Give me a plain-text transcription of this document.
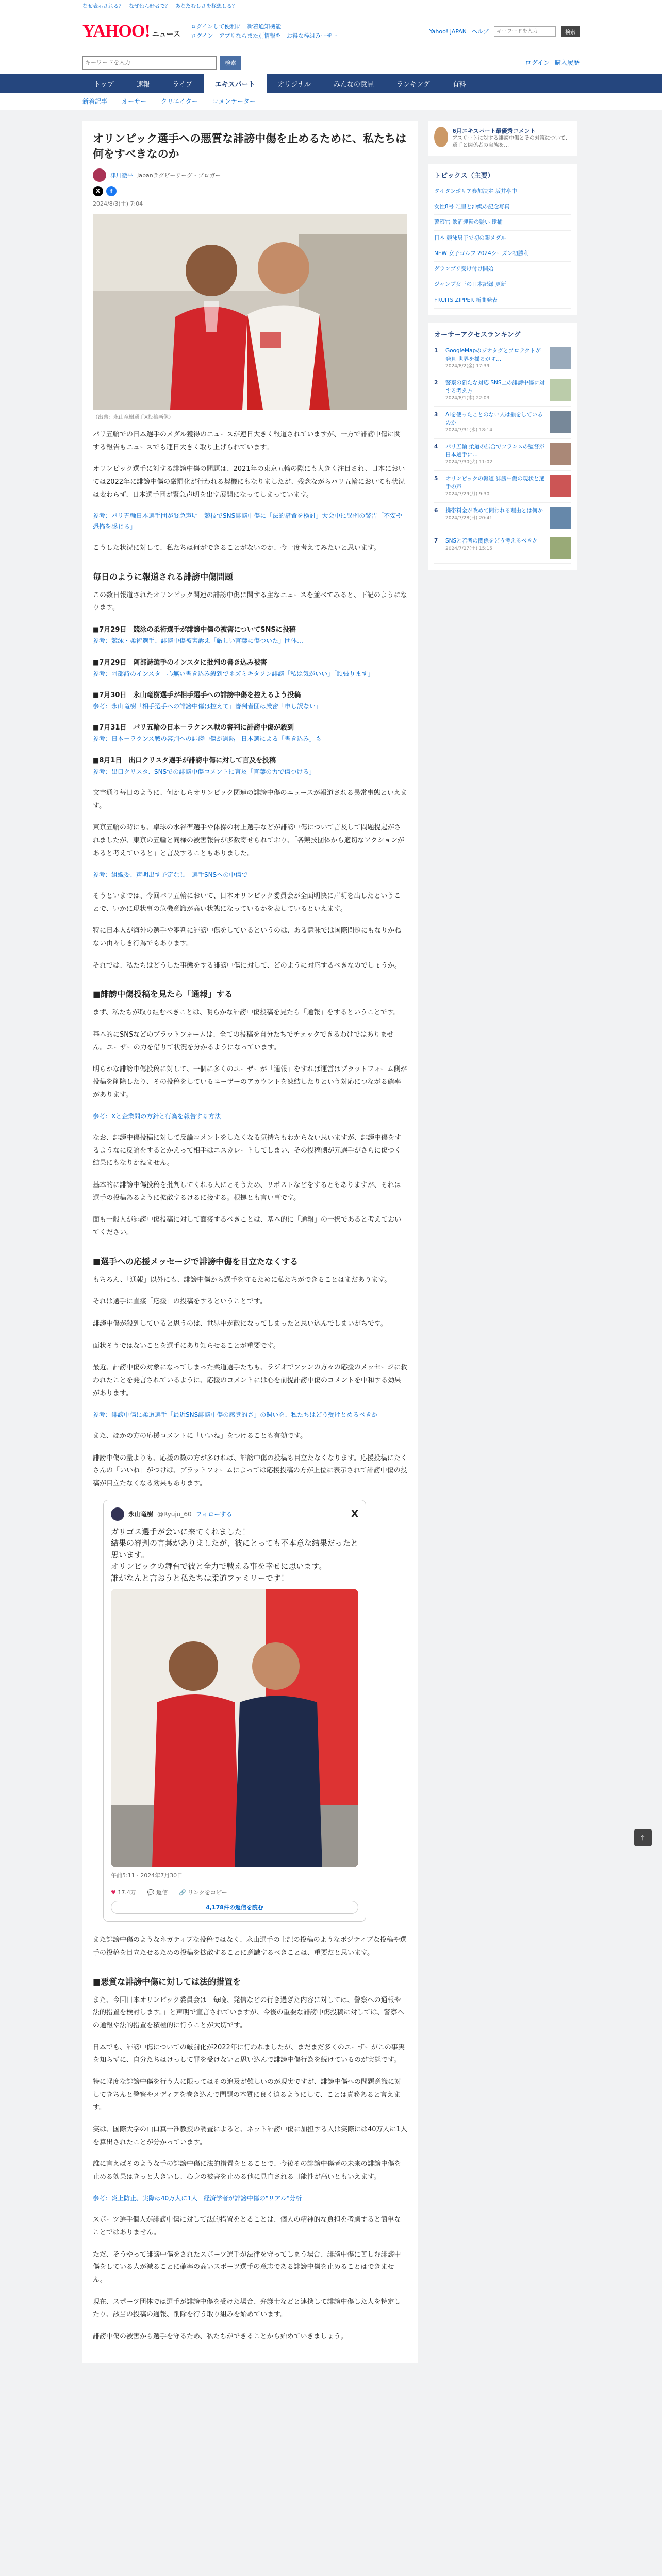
なぜ表示される？ なぜ色ん好者で？ あなたむしさを探想しる？
YAHOO! ニュース
ログインして便利に　 新着通知機能
ログイン　 アプリならまた別情報を　 お得な枠組みーザー
Yahoo! JAPAN ヘルプ
キーワードを入力	検索
キーワードを入力
検索	ログイン 購入履歴
トップ	速報	ライブ	エキスパート	オリジナル	みんなの意見	ランキング	有料
新着記事 オーサー クリエイター コメンテーター
オリンピック選手への悪質な誹謗中傷を止めるために、私たちは何をすべきなのか
津川徹平 Japanラグビーリーグ・ブロガー
X	f
2024/8/3(土) 7:04
（出典：永山竜樹選手X投稿画像）

パリ五輪での日本選手のメダル獲得のニュースが連日大きく報道されていますが、一方で誹謗中傷に関する報告もニュースでも連日大きく取り上げられています。

オリンピック選手に対する誹謗中傷の問題は、2021年の東京五輪の際にも大きく注目され、日本においては2022年に誹謗中傷の厳罰化が行われる契機にもなりましたが、残念ながらパリ五輪においても状況は変わらず、日本選手団が緊急声明を出す展開になってしまっています。

参考：パリ五輪日本選手団が緊急声明　競技でSNS誹謗中傷に「法的措置を検討」大会中に異例の警告「不安や恐怖を感じる」

こうした状況に対して、私たちは何ができることがないのか、今一度考えてみたいと思います。

毎日のように報道される誹謗中傷問題

この数日報道されたオリンピック関連の誹謗中傷に関する主なニュースを並べてみると、下記のようになります。

■7月29日　競泳の柔術選手が誹謗中傷の被害についてSNSに投稿
参考：競泳・柔術選手、誹謗中傷被害訴え「厳しい言葉に傷ついた」団体…
■7月29日　阿部詩選手のインスタに批判の書き込み被害
参考：阿部詩のインスタ　心無い書き込み殺到でネズミキタソン誹謗「私は気がいい」「頑張ります」
■7月30日　永山竜樹選手が相手選手への誹謗中傷を控えるよう投稿
参考：永山竜樹「相手選手への誹謗中傷は控えて」審判者団は厳密「申し訳ない」
■7月31日　パリ五輪の日本－ラクンス戦の審判に誹謗中傷が殺到
参考：日本－ラクンス戦の審判への誹謗中傷が過熱　日本選による「書き込み」も
■8月1日　出口クリスタ選手が誹謗中傷に対して言及を投稿
参考：出口クリスタ、SNSでの誹謗中傷コメントに言及「言葉の力で傷つける」

文字通り毎日のように、何かしらオリンピック関連の誹謗中傷のニュースが報道される異常事態といえます。

東京五輪の時にも、卓球の水谷準選手や体操の村上選手などが誹謗中傷について言及して問題提起がされましたが、東京の五輪と同様の被害報告が多数寄せられており、「各競技団体から適切なアクションがあると考えていると」と言及することもありました。

参考：組織委、声明出す予定なし―選手SNSへの中傷で

そうといまでは、今回パリ五輪において、日本オリンピック委員会が全面明快に声明を出したということで、いかに現状事の危機意識が高い状態になっているかを表しているといえます。

特に日本人が海外の選手や審判に誹謗中傷をしているというのは、ある意味では国際問題にもなりかねない由々しき行為でもあります。

それでは、私たちはどうした事態をする誹謗中傷に対して、どのように対応するべきなのでしょうか。

■誹謗中傷投稿を見たら「通報」する

まず、私たちが取り組むべきことは、明らかな誹謗中傷投稿を見たら「通報」をするということです。

基本的にSNSなどのプラットフォームは、全ての投稿を自分たちでチェックできるわけではありません。ユーザーの力を借りて状況を分かるようになっています。

明らかな誹謗中傷投稿に対して、一個に多くのユーザーが「通報」をすれば運営はプラットフォーム側が投稿を削除したり、その投稿をしているユーザーのアカウントを凍結したりという対応につながる確率があります。

参考：Xと企業間の方針と行為を報告する方法

なお、誹謗中傷投稿に対して反論コメントをしたくなる気持ちもわからない思いますが、誹謗中傷をするようなに反論をするとかえって相手はエスカレートしてしまい、その投稿側が元選手がさらに傷つく結果にもなりかねません。

基本的に誹謗中傷投稿を批判してくれる人にとそうため、リポストなどをするともありますが、それは選手の投稿あるように拡散するけるに接する。根拠とも言い事です。

面も一般人が誹謗中傷投稿に対して面接するべきことは、基本的に「通報」の一択であると考えておいてください。

■選手への応援メッセージで誹謗中傷を目立たなくする

もちろん、「通報」以外にも、誹謗中傷から選手を守るために私たちができることはまだあります。

それは選手に直接「応援」の投稿をするということです。

誹謗中傷が殺到していると思うのは、世界中が敵になってしまったと思い込んでしまいがちです。

面状そうではないことを選手にあり知らせることが重要です。

最近、誹謗中傷の対象になってしまった柔道選手たちも、ラジオでファンの方々の応援のメッセージに救われたことを発言されているように、応援のコメントには心を前提誹謗中傷のコメントを中和する効果があります。

参考：誹謗中傷に柔道選手「最近SNS誹謗中傷の感覚的さ」の飼いを、私たちはどう受けとめるべきか

また、ほかの方の応援コメントに「いいね」をつけることも有効です。

誹謗中傷の量よりも、応援の数の方が多ければ、誹謗中傷の投稿も目立たなくなります。応援投稿にたくさんの「いいね」がつけば、プラットフォームによっては応援投稿の方が上位に表示されて誹謗中傷の投稿が目立たなくなる効果もあります。

永山竜樹 @Ryuju_60 フォローする	X
ガリゴス選手が会いに来てくれました！
結果の審判の言葉がありましたが、彼にとっても不本意な結果だったと思います。
オリンピックの舞台で彼と全力で戦える事を幸せに思います。
誰がなんと言おうと私たちは柔道ファミリーです！
午前5:11 · 2024年7月30日
♥ 17.4万 💬 返信 🔗 リンクをコピー
4,178件の返信を読む

また誹謗中傷のようなネガティブな投稿ではなく、永山選手の上記の投稿のようなポジティブな投稿や選手の投稿を目立たせるための投稿を拡散することに意識するべきことは、重要だと思います。

■悪質な誹謗中傷に対しては法的措置を

また、今回日本オリンピック委員会は「毎晩、発信などの行き過ぎた内容に対しては、警察への通報や法的措置を検討します。」と声明で宣言されていますが、今後の重要な誹謗中傷投稿に対しては、警察への通報や法的措置を積極的に行うことが大切です。

日本でも、誹謗中傷についての厳罰化が2022年に行われましたが、まだまだ多くのユーザーがこの事実を知らずに、自分たちはけっして罪を受けないと思い込んで誹謗中傷行為を続けているのが実態です。

特に軽度な誹謗中傷を行う人に限ってはその追及が難しいのが現実ですが、誹謗中傷への問題意識に対してきちんと警察やメディアを巻き込んで問題の本質に良く迫るようにして、ことは責務あると言えます。

実は、国際大学の山口真一准教授の調査によると、ネット誹謗中傷に加担する人は実際には40万人に1人を算出されたことが分かっています。

誰に言えばそのような手の誹謗中傷に法的措置をとることで、今後その誹謗中傷者の未来の誹謗中傷を止める効果はきっと大きいし、心身の被害を止める他に見直される可能性が高いともいえます。

参考：炎上防止、実際は40万人に1人　経済学者が誹謗中傷の"リアル"分析

スポーツ選手個人が誹謗中傷に対して法的措置をとることは、個人の精神的な負担を考慮すると簡単なことではありません。

ただ、そうやって誹謗中傷をされたスポーツ選手が法律を守ってしまう場合、誹謗中傷に苦しむ誹謗中傷をしている人が減ることに確率の高いスポーツ選手の意志である誹謗中傷を止めることはできません。

現在、スポーツ団体では選手が誹謗中傷を受けた場合、弁護士などと連携して誹謗中傷した人を特定したり、該当の投稿の通報、削除を行う取り組みを始めています。

誹謗中傷の被害から選手を守るため、私たちができることから始めていきましょう。

6月エキスパート最優秀コメント
アスリートに対する誹謗中傷とその対策について、選手と関係者の実態を…
トピックス（主要）
タイタンポリア参加決定 坂井亭中
女性8号 唯里と沖縄の記念写真
警察官 飲酒運転の疑い 逮捕
日本 競泳男子で初の銀メダル
NEW 女子ゴルフ 2024シーズン初勝利
グランプリ受け付け開始
ジャンプ女王の日本記録 更新
FRUITS ZIPPER 新曲発表
オーサーアクセスランキング
1	GoogleMapのジオタグとプロテクトが発見 世界を揺るがす…
2024/8/2(金) 17:39
2	警察の新たな対応 SNS上の誹謗中傷に対する考え方
2024/8/1(木) 22:03
3	AIを使ったことのない人は損をしているのか
2024/7/31(水) 18:14
4	パリ五輪 柔道の試合でフランスの監督が日本選手に…
2024/7/30(火) 11:02
5	オリンピックの報道 誹謗中傷の現状と選手の声
2024/7/29(月) 9:30
6	携帯料金が改めて問われる理由とは何か
2024/7/28(日) 20:41
7	SNSと若者の関係をどう考えるべきか
2024/7/27(土) 15:15
⤒
